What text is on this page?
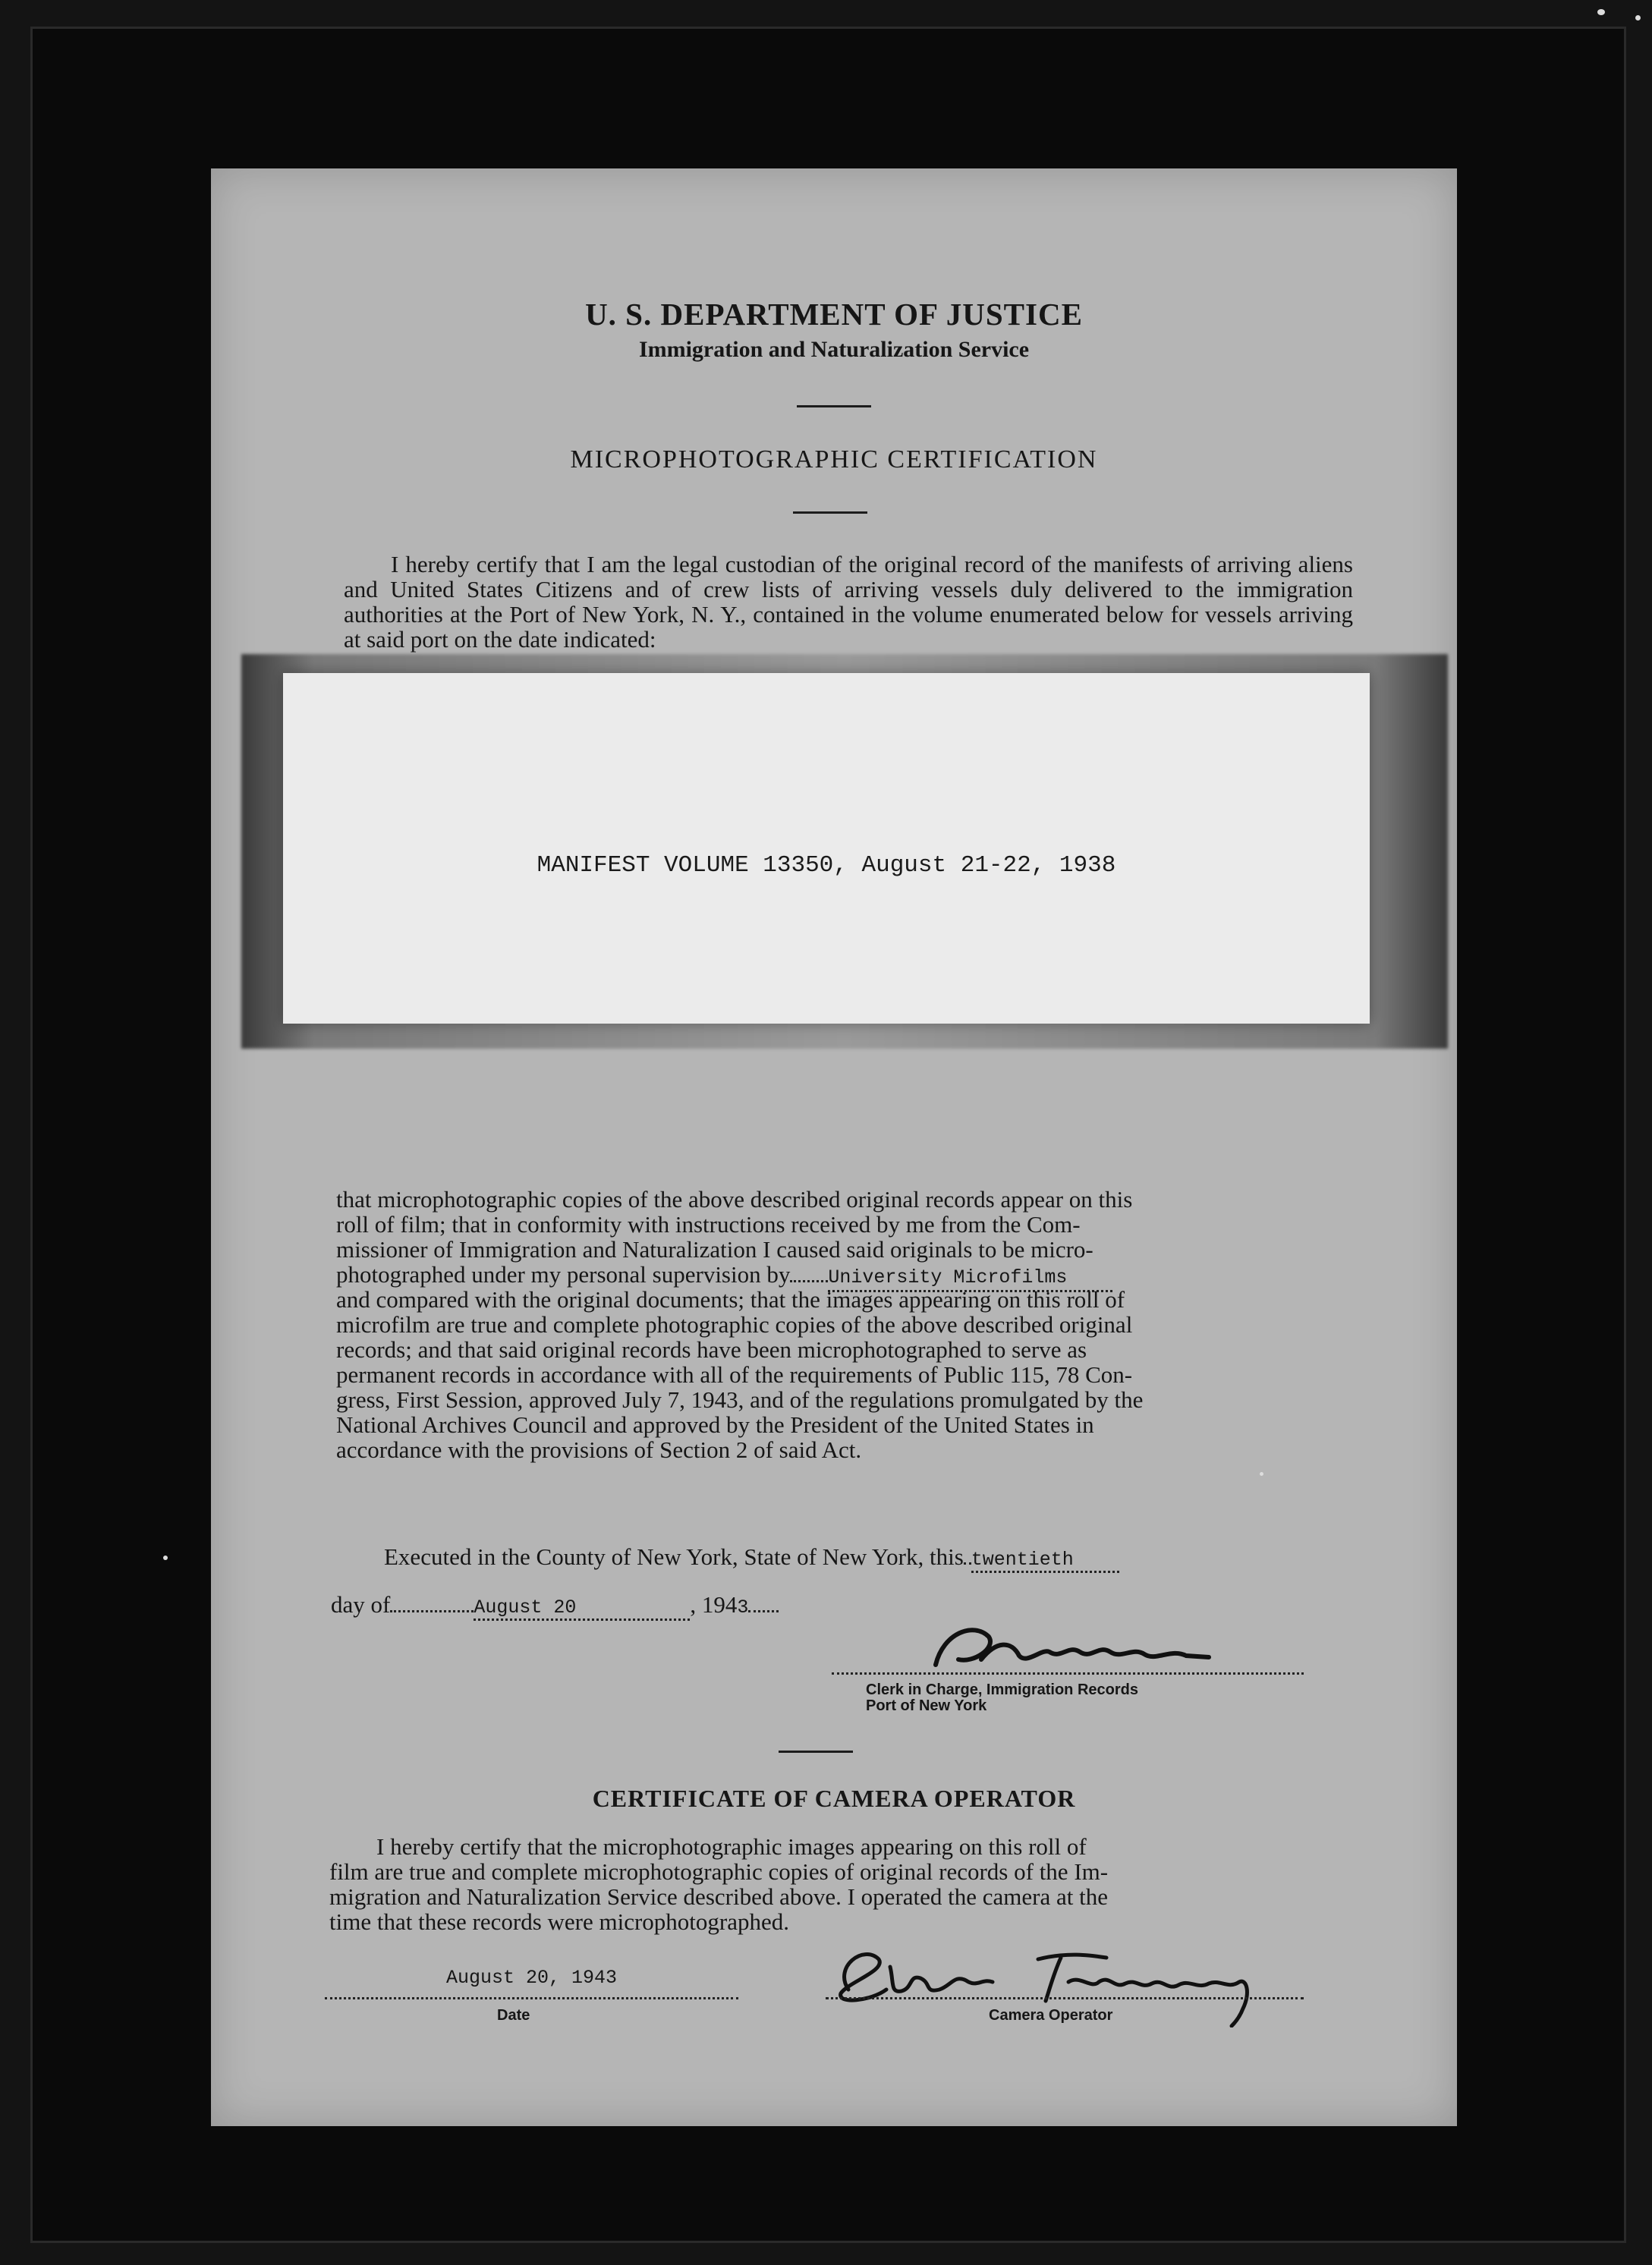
U. S. DEPARTMENT OF JUSTICE
Immigration and Naturalization Service
MICROPHOTOGRAPHIC CERTIFICATION
I hereby certify that I am the legal custodian of the original record of the manifests of arriving aliens and United States Citizens and of crew lists of arriving vessels duly delivered to the immigration authorities at the Port of New York, N. Y., contained in the volume enumerated below for vessels arriving at said port on the date indicated:
MANIFEST VOLUME 13350, August 21-22, 1938
that microphotographic copies of the above described original records appear on this
roll of film; that in conformity with instructions received by me from the Com-
missioner of Immigration and Naturalization I caused said originals to be micro-
photographed under my personal supervision by University Microfilms
and compared with the original documents; that the images appearing on this roll of
microfilm are true and complete photographic copies of the above described original
records; and that said original records have been microphotographed to serve as
permanent records in accordance with all of the requirements of Public 115, 78 Con-
gress, First Session, approved July 7, 1943, and of the regulations promulgated by the
National Archives Council and approved by the President of the United States in
accordance with the provisions of Section 2 of said Act.
Executed in the County of New York, State of New York, this twentieth
day of	August 20	, 1943
Clerk in Charge, Immigration Records
Port of New York
CERTIFICATE OF CAMERA OPERATOR
I hereby certify that the microphotographic images appearing on this roll of
film are true and complete microphotographic copies of original records of the Im-
migration and Naturalization Service described above. I operated the camera at the
time that these records were microphotographed.
August 20, 1943
Date	Camera Operator
